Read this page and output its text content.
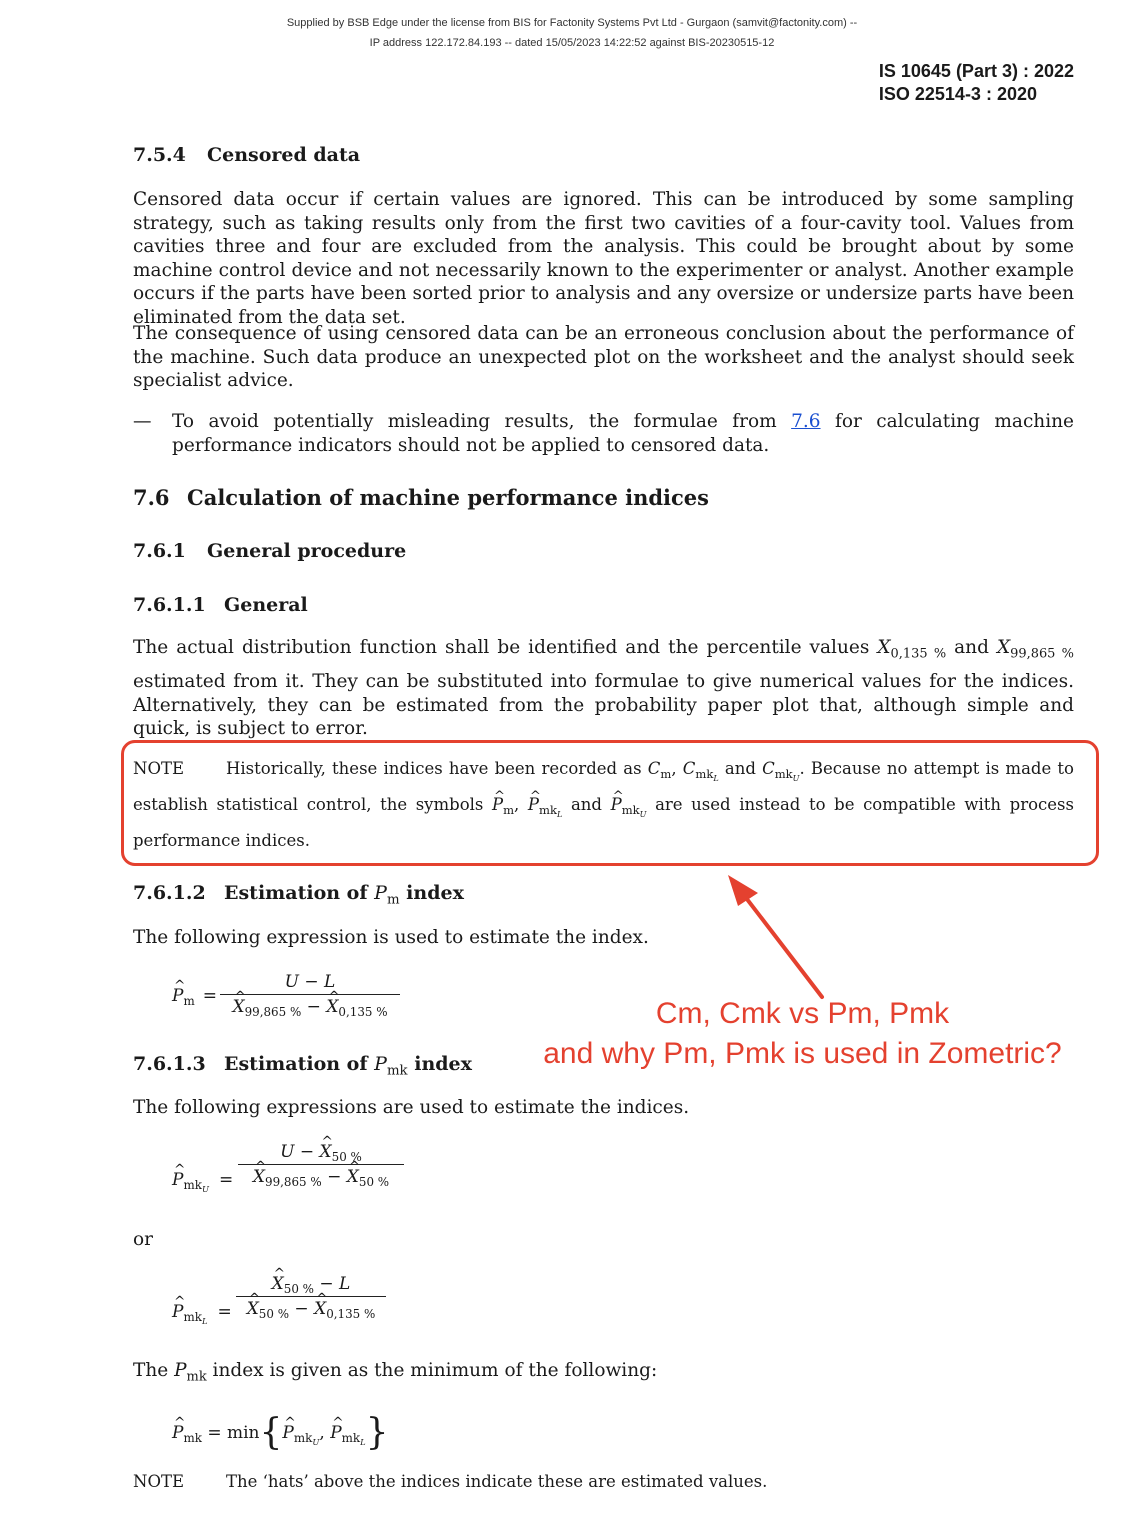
Supplied by BSB Edge under the license from BIS for Factonity Systems Pvt Ltd - Gurgaon (samvit@factonity.com) --
IP address 122.172.84.193 -- dated 15/05/2023 14:22:52 against BIS-20230515-12
IS 10645 (Part 3) : 2022
ISO 22514-3 : 2020
7.5.4 Censored data
Censored data occur if certain values are ignored. This can be introduced by some sampling strategy, such as taking results only from the first two cavities of a four-cavity tool. Values from cavities three and four are excluded from the analysis. This could be brought about by some machine control device and not necessarily known to the experimenter or analyst. Another example occurs if the parts have been sorted prior to analysis and any oversize or undersize parts have been eliminated from the data set.
The consequence of using censored data can be an erroneous conclusion about the performance of the machine. Such data produce an unexpected plot on the worksheet and the analyst should seek specialist advice.
— To avoid potentially misleading results, the formulae from 7.6 for calculating machine performance indicators should not be applied to censored data.
7.6 Calculation of machine performance indices
7.6.1 General procedure
7.6.1.1 General
The actual distribution function shall be identified and the percentile values $X_{0,135 \%}$ and $X_{99,865 \%}$
estimated from it. They can be substituted into formulae to give numerical values for the indices. Alternatively, they can be estimated from the probability paper plot that, although simple and quick, is subject to error.
NOTE	Historically, these indices have been recorded as $C_m$, $C_{mk_L}$ and $C_{mk_U}$. Because no attempt is made to establish statistical control, the symbols ^ $P_m$, ^ $P_{mk_L}$ and ^ $P_{mk_U}$ are used instead to be compatible with process performance indices.
7.6.1.2 Estimation of $P_m$ index
The following expression is used to estimate the index.
^ $P_m$ =
U − L
^ $X_{99,865 \%}$ − ^ $X_{0,135 \%}$
7.6.1.3 Estimation of $P_{mk}$ index
The following expressions are used to estimate the indices.
^ $P_{mk_U}$ =
U − ^ $X_{50 \%}$
^ $X_{99,865 \%}$ − ^ $X_{50 \%}$
or
^ $P_{mk_L}$ =
^ $X_{50 \%} - L$
^ $X_{50 \%}$ − ^ $X_{0,135 \%}$
The $P_{mk}$ index is given as the minimum of the following:
^ $P_{mk}$ = min{^ $P_{mk_U}$, ^ $P_{mk_L}$}
NOTE	The ‘hats’ above the indices indicate these are estimated values.
Cm, Cmk vs Pm, Pmk
and why Pm, Pmk is used in Zometric?
